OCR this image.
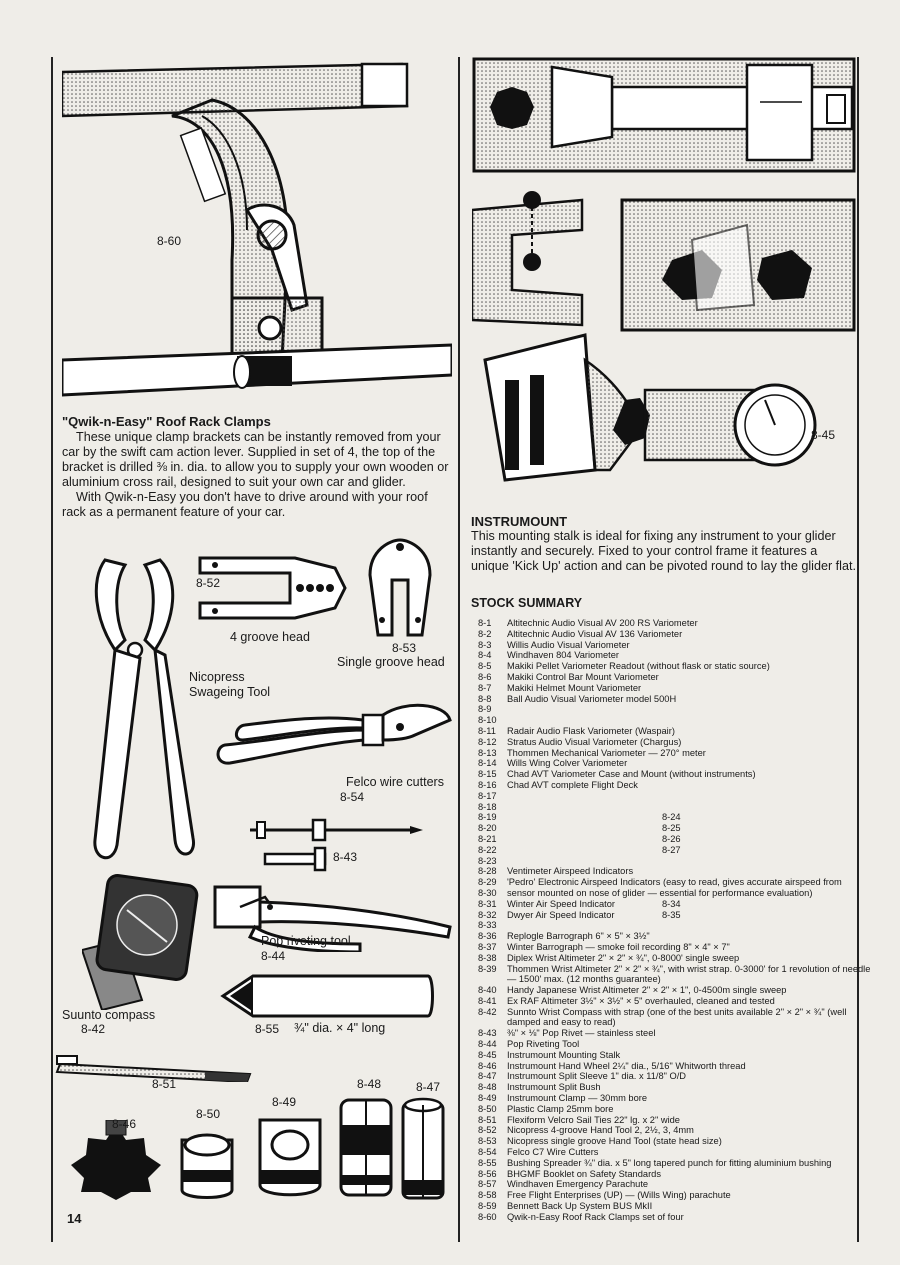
8-60
"Qwik-n-Easy" Roof Rack Clamps

These unique clamp brackets can be instantly removed from your car by the swift cam action lever. Supplied in set of 4, the top of the bracket is drilled ⅜ in. dia. to allow you to supply your own wooden or aluminium cross rail, designed to suit your own car and glider.

With Qwik-n-Easy you don't have to drive around with your roof rack as a permanent feature of your car.

8-52
4 groove head
8-53
Single groove head
Nicopress
Swageing Tool
Felco wire cutters
8-54
8-43
Suunto compass
8-42
Pop riveting tool
8-44
8-55 ¾" dia. × 4" long
8-51
8-46
8-50
8-49
8-48	8-47
14
8-45
INSTRUMOUNT
This mounting stalk is ideal for fixing any instrument to your glider instantly and securely. Fixed to your control frame it features a unique 'Kick Up' action and can be pivoted round to lay the glider flat.
STOCK SUMMARY
8-1	Altitechnic Audio Visual AV 200 RS Variometer
8-2	Altitechnic Audio Visual AV 136 Variometer
8-3	Willis Audio Visual Variometer
8-4	Windhaven 804 Variometer
8-5	Makiki Pellet Variometer Readout (without flask or static source)
8-6	Makiki Control Bar Mount Variometer
8-7	Makiki Helmet Mount Variometer
8-8	Ball Audio Visual Variometer model 500H
8-9
8-10
8-11	Radair Audio Flask Variometer (Waspair)
8-12	Stratus Audio Visual Variometer (Chargus)
8-13	Thommen Mechanical Variometer — 270° meter
8-14	Wills Wing Colver Variometer
8-15	Chad AVT Variometer Case and Mount (without instruments)
8-16	Chad AVT complete Flight Deck
8-17
8-18
8-19	8-24
8-20	8-25
8-21	8-26
8-22	8-27
8-23
8-28	Ventimeter Airspeed Indicators
8-29	'Pedro' Electronic Airspeed Indicators (easy to read, gives accurate airspeed from
8-30	sensor mounted on nose of glider — essential for performance evaluation)
8-31	Winter Air Speed Indicator	8-34
8-32	Dwyer Air Speed Indicator	8-35
8-33
8-36	Replogle Barrograph 6" × 5" × 3½"
8-37	Winter Barrograph — smoke foil recording 8" × 4" × 7"
8-38	Diplex Wrist Altimeter 2" × 2" × ¾", 0-8000' single sweep
8-39	Thommen Wrist Altimeter 2" × 2" × ¾", with wrist strap. 0-3000' for 1 revolution of needle — 1500' max. (12 months guarantee)
8-40	Handy Japanese Wrist Altimeter 2" × 2" × 1", 0-4500m single sweep
8-41	Ex RAF Altimeter 3½" × 3½" × 5" overhauled, cleaned and tested
8-42	Sunnto Wrist Compass with strap (one of the best units available 2" × 2" × ¾" (well damped and easy to read)
8-43	⅜" × ⅛" Pop Rivet — stainless steel
8-44	Pop Riveting Tool
8-45	Instrumount Mounting Stalk
8-46	Instrumount Hand Wheel 2¼" dia., 5/16" Whitworth thread
8-47	Instrumount Split Sleeve 1" dia. x 11/8" O/D
8-48	Instrumount Split Bush
8-49	Instrumount Clamp — 30mm bore
8-50	Plastic Clamp 25mm bore
8-51	Flexiform Velcro Sail Ties 22" lg. x 2" wide
8-52	Nicopress 4-groove Hand Tool 2, 2½, 3, 4mm
8-53	Nicopress single groove Hand Tool (state head size)
8-54	Felco C7 Wire Cutters
8-55	Bushing Spreader ¾" dia. x 5" long tapered punch for fitting aluminium bushing
8-56	BHGMF Booklet on Safety Standards
8-57	Windhaven Emergency Parachute
8-58	Free Flight Enterprises (UP) — (Wills Wing) parachute
8-59	Bennett Back Up System BUS MkII
8-60	Qwik-n-Easy Roof Rack Clamps set of four
